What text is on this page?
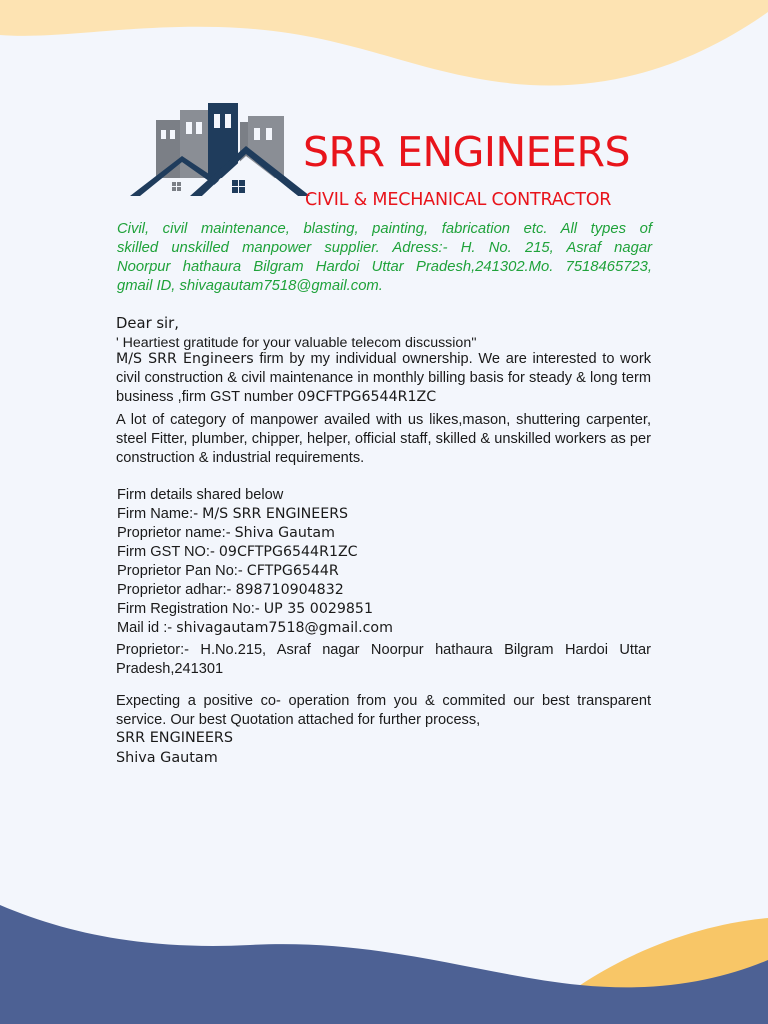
SRR ENGINEERS
CIVIL & MECHANICAL CONTRACTOR
Civil, civil maintenance, blasting, painting, fabrication etc. All types of
skilled unskilled manpower supplier. Adress:- H. No. 215, Asraf nagar
Noorpur hathaura Bilgram Hardoi Uttar Pradesh,241302.Mo. 7518465723,
gmail ID, shivagautam7518@gmail.com.
Dear sir,
' Heartiest gratitude for your valuable telecom discussion''
M/S SRR Engineers firm by my individual ownership. We are interested to work civil construction & civil maintenance in monthly billing basis for steady & long term business ,firm GST number 09CFTPG6544R1ZC
A lot of category of manpower availed with us likes,mason, shuttering carpenter, steel Fitter, plumber, chipper, helper, official staff, skilled & unskilled workers as per construction & industrial requirements.
Firm details shared below
Firm Name:- M/S SRR ENGINEERS
Proprietor name:- Shiva Gautam
Firm GST NO:- 09CFTPG6544R1ZC
Proprietor Pan No:- CFTPG6544R
Proprietor adhar:- 898710904832
Firm Registration No:- UP 35 0029851
Mail id :- shivagautam7518@gmail.com
Proprietor:- H.No.215, Asraf nagar Noorpur hathaura Bilgram Hardoi Uttar Pradesh,241301
Expecting a positive co- operation from you & commited our best transparent service. Our best Quotation attached for further process,
SRR ENGINEERS
Shiva Gautam
